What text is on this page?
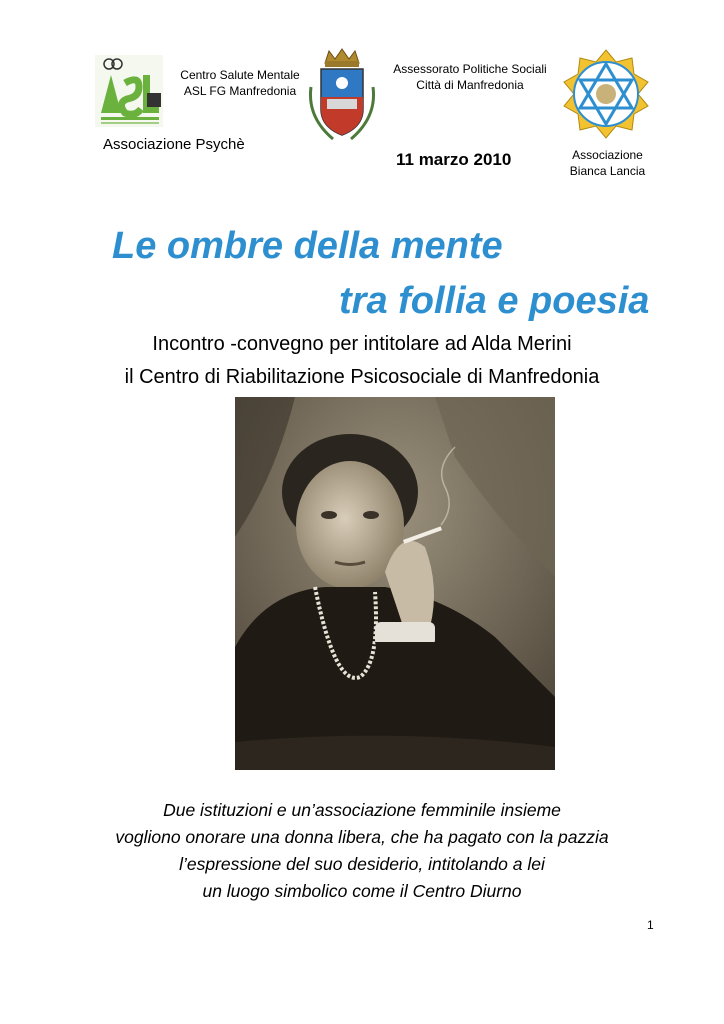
Centro Salute Mentale
ASL FG Manfredonia
Associazione Psychè
Assessorato Politiche Sociali
Città di Manfredonia
11 marzo 2010	Associazione
Bianca Lancia
Le ombre della mente
tra follia e poesia
Incontro -convegno per intitolare ad Alda Merini
il Centro di Riabilitazione Psicosociale di Manfredonia
Due istituzioni e un’associazione femminile insieme
vogliono onorare una donna libera, che ha pagato con la pazzia
l’espressione del suo desiderio, intitolando a lei
un luogo simbolico come il Centro Diurno
1
